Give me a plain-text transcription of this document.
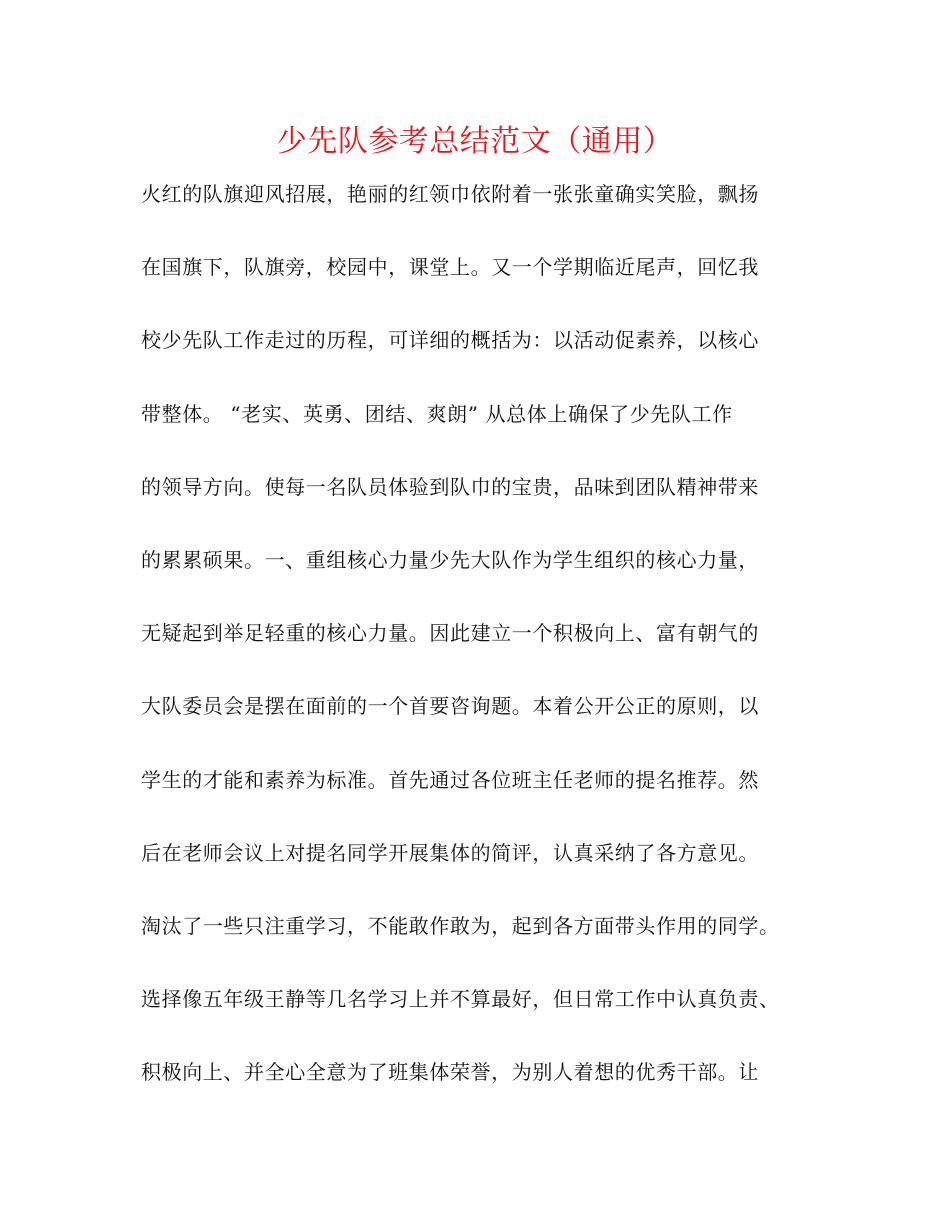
少先队参考总结范文（通用）
火红的队旗迎风招展，艳丽的红领巾依附着一张张童确实笑脸，飘扬
在国旗下，队旗旁，校园中，课堂上。又一个学期临近尾声，回忆我
校少先队工作走过的历程，可详细的概括为：以活动促素养，以核心
带整体。 “老实、英勇、团结、爽朗” 从总体上确保了少先队工作
的领导方向。使每一名队员体验到队巾的宝贵，品味到团队精神带来
的累累硕果。一、重组核心力量少先大队作为学生组织的核心力量，
无疑起到举足轻重的核心力量。因此建立一个积极向上、富有朝气的
大队委员会是摆在面前的一个首要咨询题。本着公开公正的原则，以
学生的才能和素养为标准。首先通过各位班主任老师的提名推荐。然
后在老师会议上对提名同学开展集体的简评，认真采纳了各方意见。
淘汰了一些只注重学习，不能敢作敢为，起到各方面带头作用的同学。
选择像五年级王静等几名学习上并不算最好，但日常工作中认真负责、
积极向上、并全心全意为了班集体荣誉，为别人着想的优秀干部。让
